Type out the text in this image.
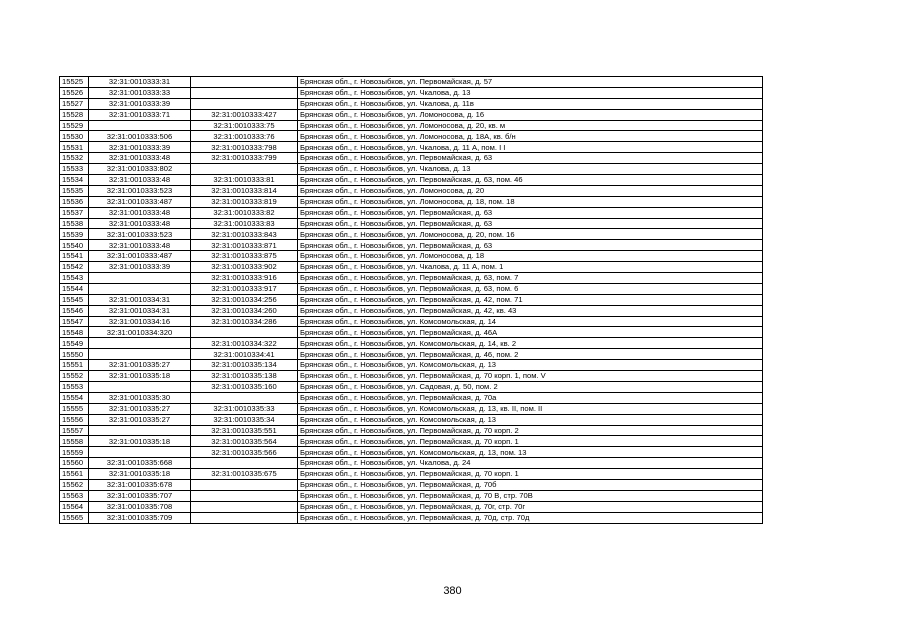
15525	32:31:0010333:31		Брянская обл., г. Новозыбков, ул. Первомайская, д. 57
15526	32:31:0010333:33		Брянская обл., г. Новозыбков, ул. Чкалова, д. 13
15527	32:31:0010333:39		Брянская обл., г. Новозыбков, ул. Чкалова, д. 11в
15528	32:31:0010333:71	32:31:0010333:427	Брянская обл., г. Новозыбков, ул. Ломоносова, д. 16
15529		32:31:0010333:75	Брянская обл., г. Новозыбков, ул. Ломоносова, д. 20, кв. м
15530	32:31:0010333:506	32:31:0010333:76	Брянская обл., г. Новозыбков, ул. Ломоносова, д. 18А, кв. б/н
15531	32:31:0010333:39	32:31:0010333:798	Брянская обл., г. Новозыбков, ул. Чкалова, д. 11 А, пом. I I
15532	32:31:0010333:48	32:31:0010333:799	Брянская обл., г. Новозыбков, ул. Первомайская, д. 63
15533	32:31:0010333:802		Брянская обл., г. Новозыбков, ул. Чкалова, д. 13
15534	32:31:0010333:48	32:31:0010333:81	Брянская обл., г. Новозыбков, ул. Первомайская, д. 63, пом. 46
15535	32:31:0010333:523	32:31:0010333:814	Брянская обл., г. Новозыбков, ул. Ломоносова, д. 20
15536	32:31:0010333:487	32:31:0010333:819	Брянская обл., г. Новозыбков, ул. Ломоносова, д. 18, пом. 18
15537	32:31:0010333:48	32:31:0010333:82	Брянская обл., г. Новозыбков, ул. Первомайская, д. 63
15538	32:31:0010333:48	32:31:0010333:83	Брянская обл., г. Новозыбков, ул. Первомайская, д. 63
15539	32:31:0010333:523	32:31:0010333:843	Брянская обл., г. Новозыбков, ул. Ломоносова, д. 20, пом. 16
15540	32:31:0010333:48	32:31:0010333:871	Брянская обл., г. Новозыбков, ул. Первомайская, д. 63
15541	32:31:0010333:487	32:31:0010333:875	Брянская обл., г. Новозыбков, ул. Ломоносова, д. 18
15542	32:31:0010333:39	32:31:0010333:902	Брянская обл., г. Новозыбков, ул. Чкалова, д. 11 А, пом. 1
15543		32:31:0010333:916	Брянская обл., г. Новозыбков, ул. Первомайская, д. 63, пом. 7
15544		32:31:0010333:917	Брянская обл., г. Новозыбков, ул. Первомайская, д. 63, пом. 6
15545	32:31:0010334:31	32:31:0010334:256	Брянская обл., г. Новозыбков, ул. Первомайская, д. 42, пом. 71
15546	32:31:0010334:31	32:31:0010334:260	Брянская обл., г. Новозыбков, ул. Первомайская, д. 42, кв. 43
15547	32:31:0010334:16	32:31:0010334:286	Брянская обл., г. Новозыбков, ул. Комсомольская, д. 14
15548	32:31:0010334:320		Брянская обл., г. Новозыбков, ул. Первомайская, д. 46А
15549		32:31:0010334:322	Брянская обл., г. Новозыбков, ул. Комсомольская, д. 14, кв. 2
15550		32:31:0010334:41	Брянская обл., г. Новозыбков, ул. Первомайская, д. 46, пом. 2
15551	32:31:0010335:27	32:31:0010335:134	Брянская обл., г. Новозыбков, ул. Комсомольская, д. 13
15552	32:31:0010335:18	32:31:0010335:138	Брянская обл., г. Новозыбков, ул. Первомайская, д. 70 корп. 1, пом. V
15553		32:31:0010335:160	Брянская обл., г. Новозыбков, ул. Садовая, д. 50, пом. 2
15554	32:31:0010335:30		Брянская обл., г. Новозыбков, ул. Первомайская, д. 70а
15555	32:31:0010335:27	32:31:0010335:33	Брянская обл., г. Новозыбков, ул. Комсомольская, д. 13, кв. II, пом. II
15556	32:31:0010335:27	32:31:0010335:34	Брянская обл., г. Новозыбков, ул. Комсомольская, д. 13
15557		32:31:0010335:551	Брянская обл., г. Новозыбков, ул. Первомайская, д. 70 корп. 2
15558	32:31:0010335:18	32:31:0010335:564	Брянская обл., г. Новозыбков, ул. Первомайская, д. 70 корп. 1
15559		32:31:0010335:566	Брянская обл., г. Новозыбков, ул. Комсомольская, д. 13, пом. 13
15560	32:31:0010335:668		Брянская обл., г. Новозыбков, ул. Чкалова, д. 24
15561	32:31:0010335:18	32:31:0010335:675	Брянская обл., г. Новозыбков, ул. Первомайская, д. 70 корп. 1
15562	32:31:0010335:678		Брянская обл., г. Новозыбков, ул. Первомайская, д. 70б
15563	32:31:0010335:707		Брянская обл., г. Новозыбков, ул. Первомайская, д. 70 В, стр. 70В
15564	32:31:0010335:708		Брянская обл., г. Новозыбков, ул. Первомайская, д. 70г, стр. 70г
15565	32:31:0010335:709		Брянская обл., г. Новозыбков, ул. Первомайская, д. 70д, стр. 70д
380
